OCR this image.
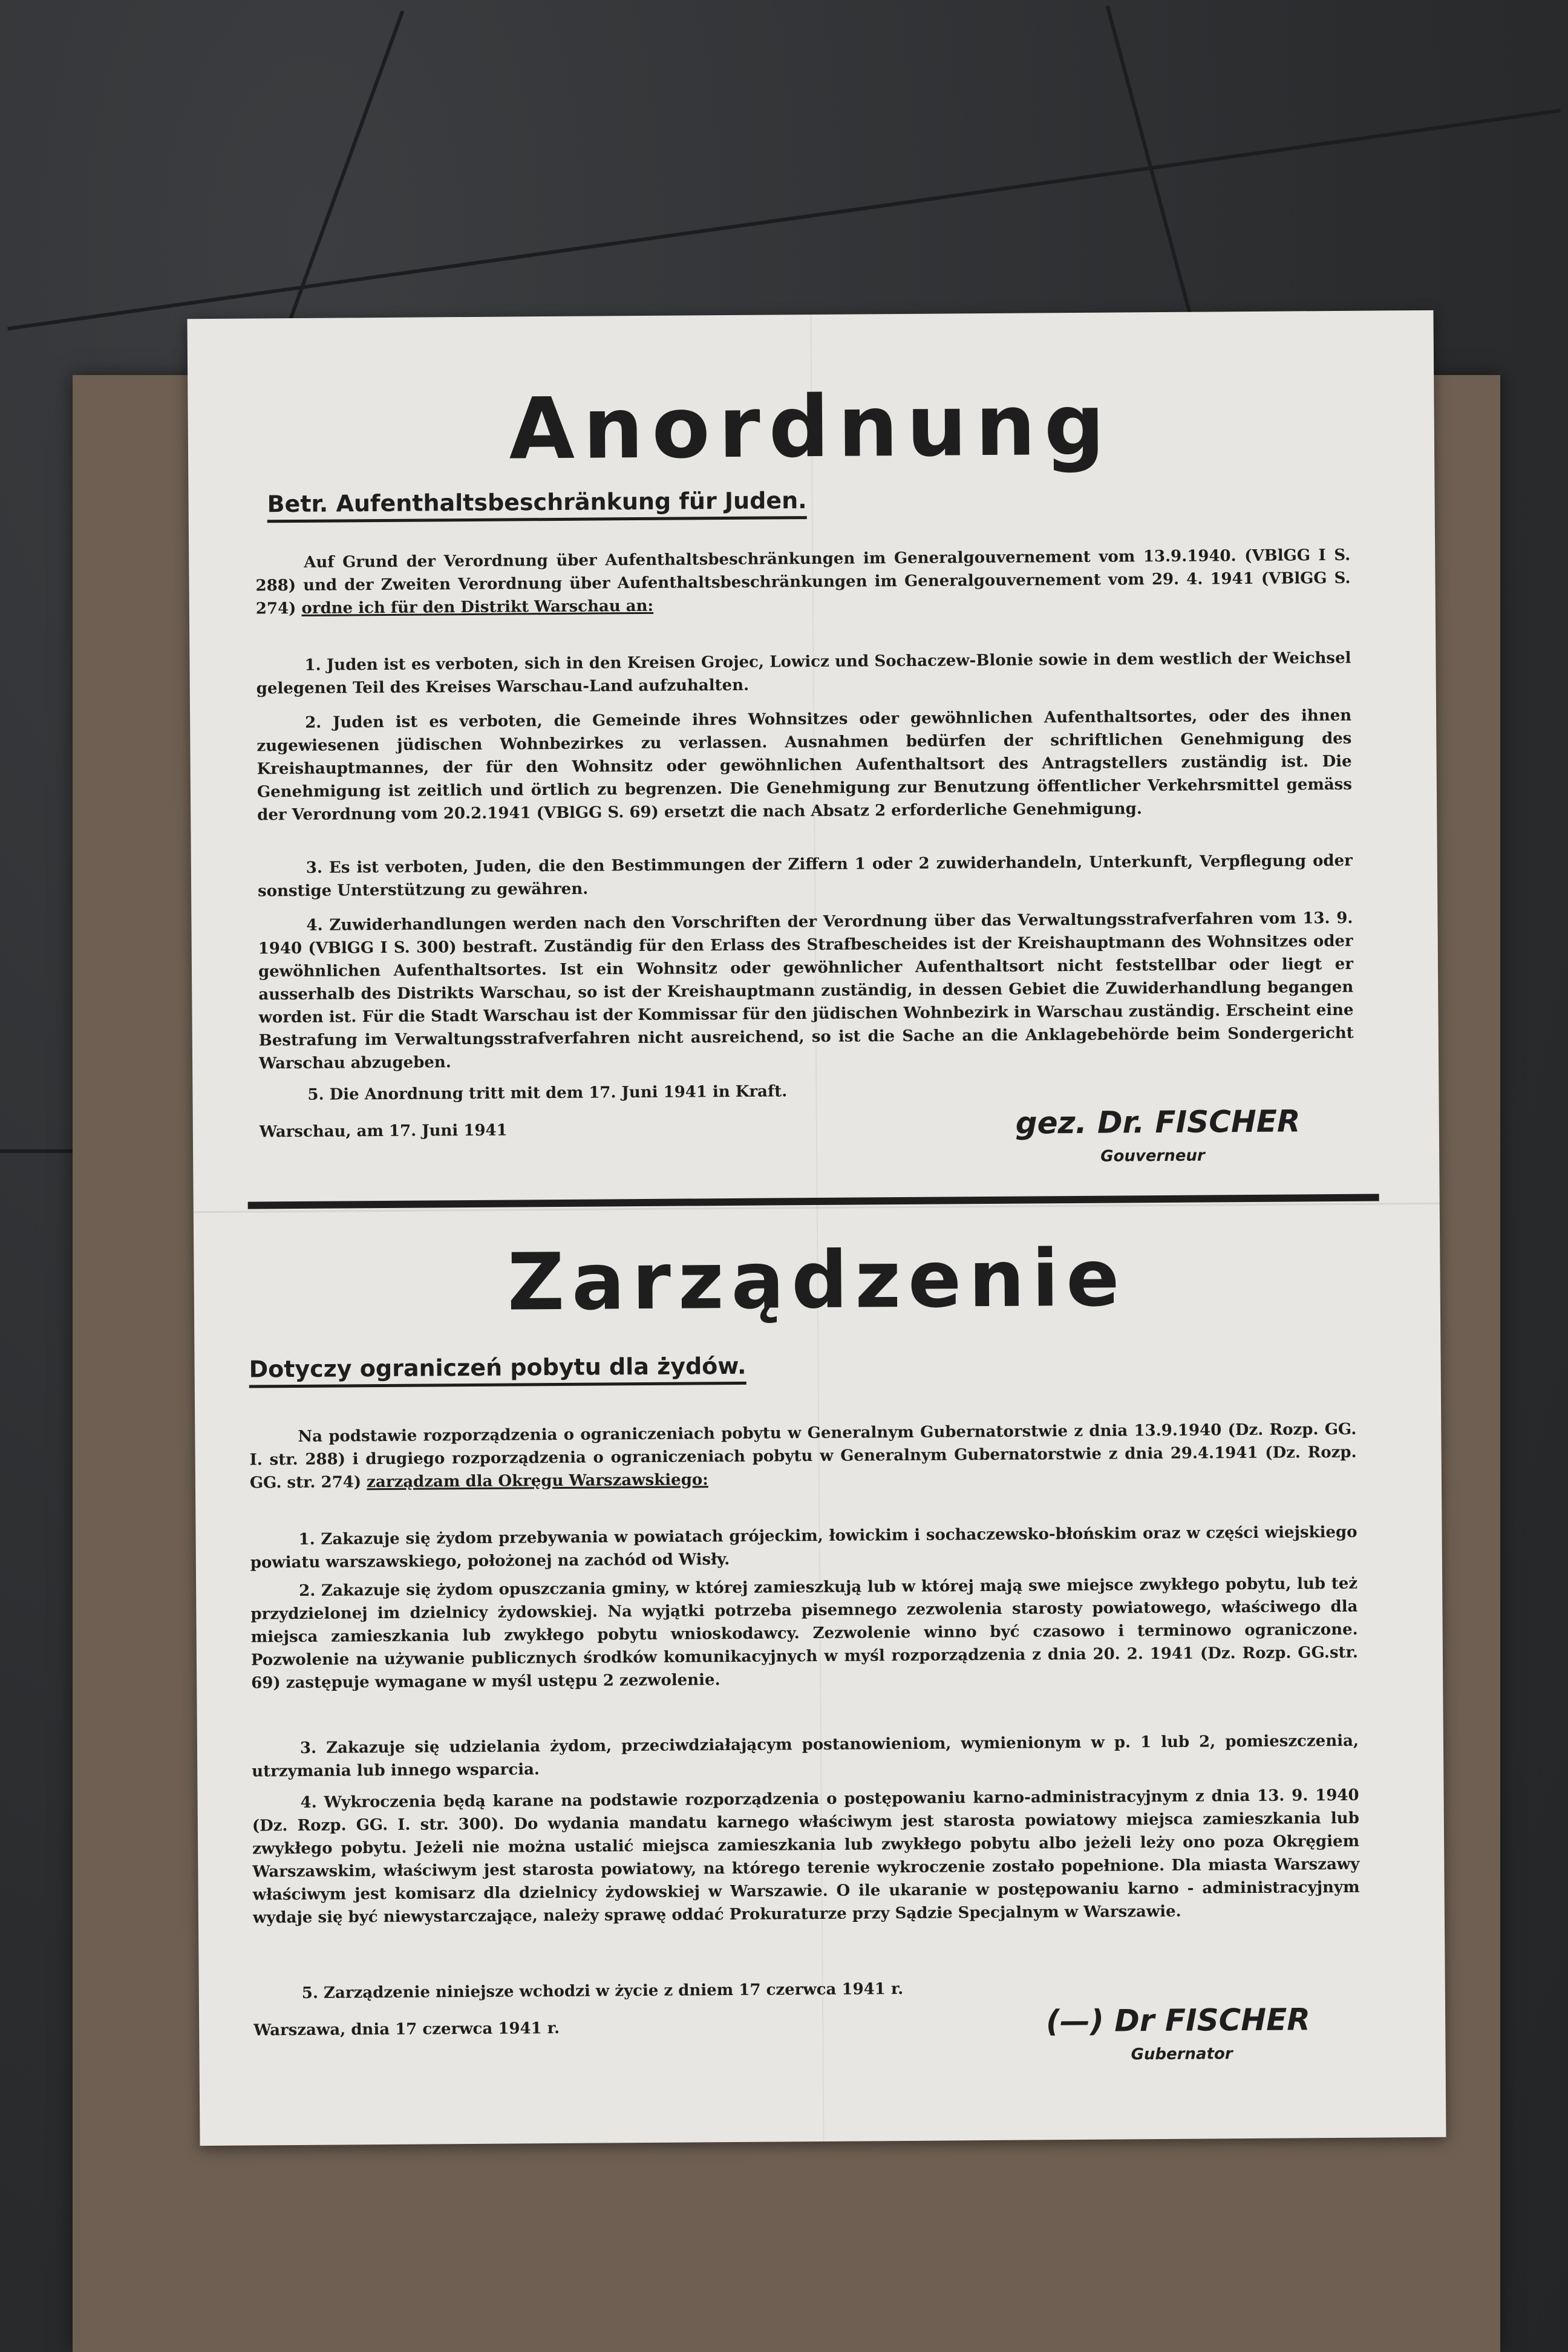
Anordnung
Betr. Aufenthaltsbeschränkung für Juden.
Auf Grund der Verordnung über Aufenthaltsbeschränkungen im Generalgouvernement vom 13.9.1940. (VBlGG I S. 288) und der Zweiten Verordnung über Aufenthaltsbeschränkungen im Generalgouvernement vom 29. 4. 1941 (VBlGG S. 274) ordne ich für den Distrikt Warschau an:
1. Juden ist es verboten, sich in den Kreisen Grojec, Lowicz und Sochaczew-Blonie sowie in dem westlich der Weichsel gelegenen Teil des Kreises Warschau-Land aufzuhalten.
2. Juden ist es verboten, die Gemeinde ihres Wohnsitzes oder gewöhnlichen Aufenthaltsortes, oder des ihnen zugewiesenen jüdischen Wohnbezirkes zu verlassen. Ausnahmen bedürfen der schriftlichen Genehmigung des Kreishauptmannes, der für den Wohnsitz oder gewöhnlichen Aufenthaltsort des Antragstellers zuständig ist. Die Genehmigung ist zeitlich und örtlich zu begrenzen. Die Genehmigung zur Benutzung öffentlicher Verkehrsmittel gemäss der Verordnung vom 20.2.1941 (VBlGG S. 69) ersetzt die nach Absatz 2 erforderliche Genehmigung.
3. Es ist verboten, Juden, die den Bestimmungen der Ziffern 1 oder 2 zuwiderhandeln, Unterkunft, Verpflegung oder sonstige Unterstützung zu gewähren.
4. Zuwiderhandlungen werden nach den Vorschriften der Verordnung über das Verwaltungsstrafverfahren vom 13. 9. 1940 (VBlGG I S. 300) bestraft. Zuständig für den Erlass des Strafbescheides ist der Kreishauptmann des Wohnsitzes oder gewöhnlichen Aufenthaltsortes. Ist ein Wohnsitz oder gewöhnlicher Aufenthaltsort nicht feststellbar oder liegt er ausserhalb des Distrikts Warschau, so ist der Kreishauptmann zuständig, in dessen Gebiet die Zuwiderhandlung begangen worden ist. Für die Stadt Warschau ist der Kommissar für den jüdischen Wohnbezirk in Warschau zuständig. Erscheint eine Bestrafung im Verwaltungsstrafverfahren nicht ausreichend, so ist die Sache an die Anklagebehörde beim Sondergericht Warschau abzugeben.
5. Die Anordnung tritt mit dem 17. Juni 1941 in Kraft.
Warschau, am 17. Juni 1941	gez. Dr. FISCHER
Gouverneur
Zarządzenie
Dotyczy ograniczeń pobytu dla żydów.
Na podstawie rozporządzenia o ograniczeniach pobytu w Generalnym Gubernatorstwie z dnia 13.9.1940 (Dz. Rozp. GG. I. str. 288) i drugiego rozporządzenia o ograniczeniach pobytu w Generalnym Gubernatorstwie z dnia 29.4.1941 (Dz. Rozp. GG. str. 274) zarządzam dla Okręgu Warszawskiego:
1. Zakazuje się żydom przebywania w powiatach grójeckim, łowickim i sochaczewsko-błońskim oraz w części wiejskiego powiatu warszawskiego, położonej na zachód od Wisły.
2. Zakazuje się żydom opuszczania gminy, w której zamieszkują lub w której mają swe miejsce zwykłego pobytu, lub też przydzielonej im dzielnicy żydowskiej. Na wyjątki potrzeba pisemnego zezwolenia starosty powiatowego, właściwego dla miejsca zamieszkania lub zwykłego pobytu wnioskodawcy. Zezwolenie winno być czasowo i terminowo ograniczone. Pozwolenie na używanie publicznych środków komunikacyjnych w myśl rozporządzenia z dnia 20. 2. 1941 (Dz. Rozp. GG.str. 69) zastępuje wymagane w myśl ustępu 2 zezwolenie.
3. Zakazuje się udzielania żydom, przeciwdziałającym postanowieniom, wymienionym w p. 1 lub 2, pomieszczenia, utrzymania lub innego wsparcia.
4. Wykroczenia będą karane na podstawie rozporządzenia o postępowaniu karno-administracyjnym z dnia 13. 9. 1940 (Dz. Rozp. GG. I. str. 300). Do wydania mandatu karnego właściwym jest starosta powiatowy miejsca zamieszkania lub zwykłego pobytu. Jeżeli nie można ustalić miejsca zamieszkania lub zwykłego pobytu albo jeżeli leży ono poza Okręgiem Warszawskim, właściwym jest starosta powiatowy, na którego terenie wykroczenie zostało popełnione. Dla miasta Warszawy właściwym jest komisarz dla dzielnicy żydowskiej w Warszawie. O ile ukaranie w postępowaniu karno - administracyjnym wydaje się być niewystarczające, należy sprawę oddać Prokuraturze przy Sądzie Specjalnym w Warszawie.
5. Zarządzenie niniejsze wchodzi w życie z dniem 17 czerwca 1941 r.
Warszawa, dnia 17 czerwca 1941 r.	(—) Dr FISCHER
Gubernator
